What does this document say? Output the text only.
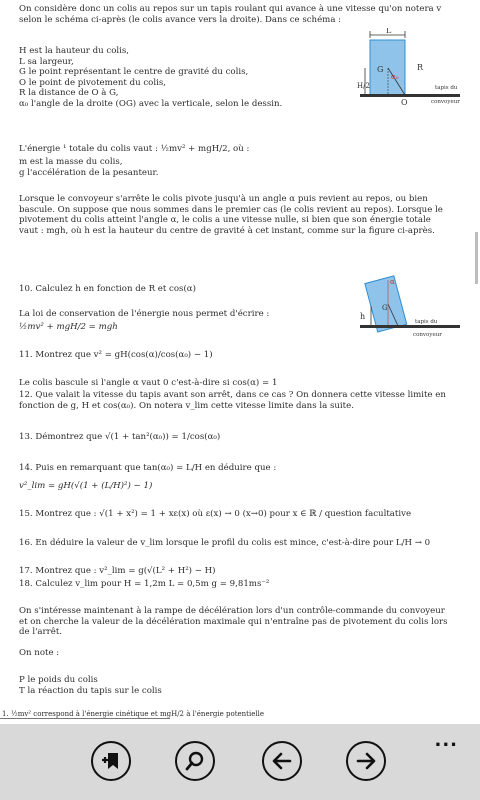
On considère donc un colis au repos sur un tapis roulant qui avance à une vitesse qu'on notera v selon le schéma ci-après (le colis avance vers la droite). Dans ce schéma :

H est la hauteur du colis,
L sa largeur,
G le point représentant le centre de gravité du colis,
O le point de pivotement du colis,
R la distance de O à G,
α₀ l'angle de la droite (OG) avec la verticale, selon le dessin.
L
G
α₀
R
H/2
O
tapis du
convoyeur

L'énergie ¹ totale du colis vaut : ½mv² + mgH/2, où :

m est la masse du colis,
g l'accélération de la pesanteur.

Lorsque le convoyeur s'arrête le colis pivote jusqu'à un angle α puis revient au repos, ou bien bascule. On suppose que nous sommes dans le premier cas (le colis revient au repos). Lorsque le pivotement du colis atteint l'angle α, le colis a une vitesse nulle, si bien que son énergie totale vaut : mgh, où h est la hauteur du centre de gravité à cet instant, comme sur la figure ci-après.

10. Calculez h en fonction de R et cos(α)

α
G
h
tapis du
convoyeur

La loi de conservation de l'énergie nous permet d'écrire :

½mv² + mgH/2 = mgh

11. Montrez que v² = gH(cos(α)/cos(α₀) − 1)

Le colis bascule si l'angle α vaut 0 c'est-à-dire si cos(α) = 1

12. Que valait la vitesse du tapis avant son arrêt, dans ce cas ? On donnera cette vitesse limite en fonction de g, H et cos(α₀). On notera v_lim cette vitesse limite dans la suite.

13. Démontrez que √(1 + tan²(α₀)) = 1/cos(α₀)

14. Puis en remarquant que tan(α₀) = L/H en déduire que :

v²_lim = gH(√(1 + (L/H)²) − 1)

15. Montrez que : √(1 + x²) = 1 + xε(x) où ε(x) → 0 (x→0) pour x ∈ ℝ / question facultative

16. En déduire la valeur de v_lim lorsque le profil du colis est mince, c'est-à-dire pour L/H → 0

17. Montrez que : v²_lim = g(√(L² + H²) − H)

18. Calculez v_lim pour H = 1,2m L = 0,5m g = 9,81ms⁻²

On s'intéresse maintenant à la rampe de décélération lors d'un contrôle-commande du convoyeur et on cherche la valeur de la décélération maximale qui n'entraîne pas de pivotement du colis lors de l'arrêt.

On note :

P le poids du colis
T la réaction du tapis sur le colis

1. ½mv² correspond à l'énergie cinétique et mgH/2 à l'énergie potentielle

...
